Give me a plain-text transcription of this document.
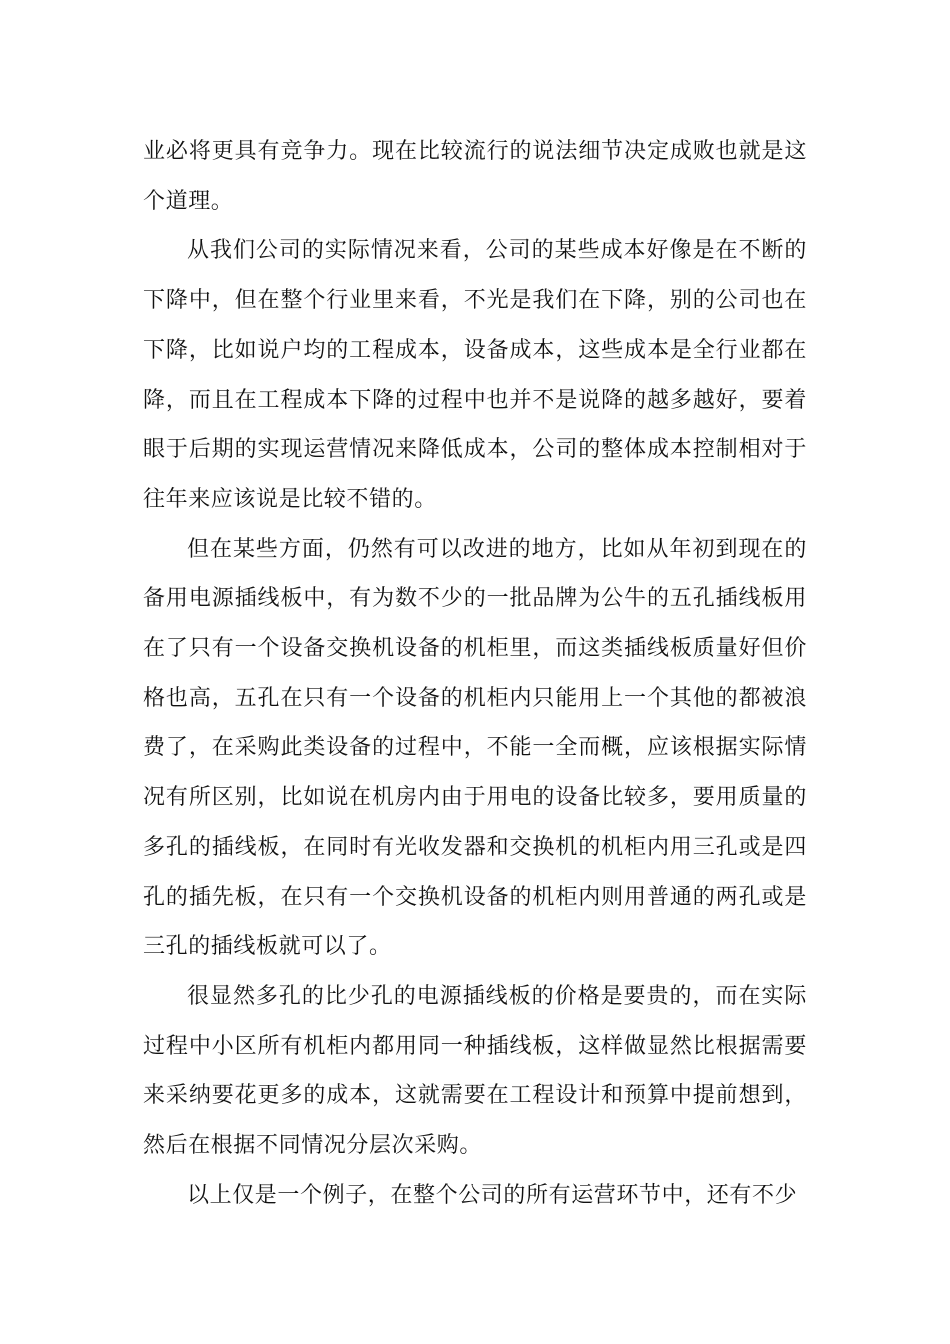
业必将更具有竞争力。现在比较流行的说法细节决定成败也就是这个道理。

从我们公司的实际情况来看，公司的某些成本好像是在不断的下降中，但在整个行业里来看，不光是我们在下降，别的公司也在下降，比如说户均的工程成本，设备成本，这些成本是全行业都在降，而且在工程成本下降的过程中也并不是说降的越多越好，要着眼于后期的实现运营情况来降低成本，公司的整体成本控制相对于往年来应该说是比较不错的。

但在某些方面，仍然有可以改进的地方，比如从年初到现在的备用电源插线板中，有为数不少的一批品牌为公牛的五孔插线板用在了只有一个设备交换机设备的机柜里，而这类插线板质量好但价格也高，五孔在只有一个设备的机柜内只能用上一个其他的都被浪费了，在采购此类设备的过程中，不能一全而概，应该根据实际情况有所区别，比如说在机房内由于用电的设备比较多，要用质量的多孔的插线板，在同时有光收发器和交换机的机柜内用三孔或是四孔的插先板，在只有一个交换机设备的机柜内则用普通的两孔或是三孔的插线板就可以了。

很显然多孔的比少孔的电源插线板的价格是要贵的，而在实际过程中小区所有机柜内都用同一种插线板，这样做显然比根据需要来采纳要花更多的成本，这就需要在工程设计和预算中提前想到，然后在根据不同情况分层次采购。

以上仅是一个例子，在整个公司的所有运营环节中，还有不少
